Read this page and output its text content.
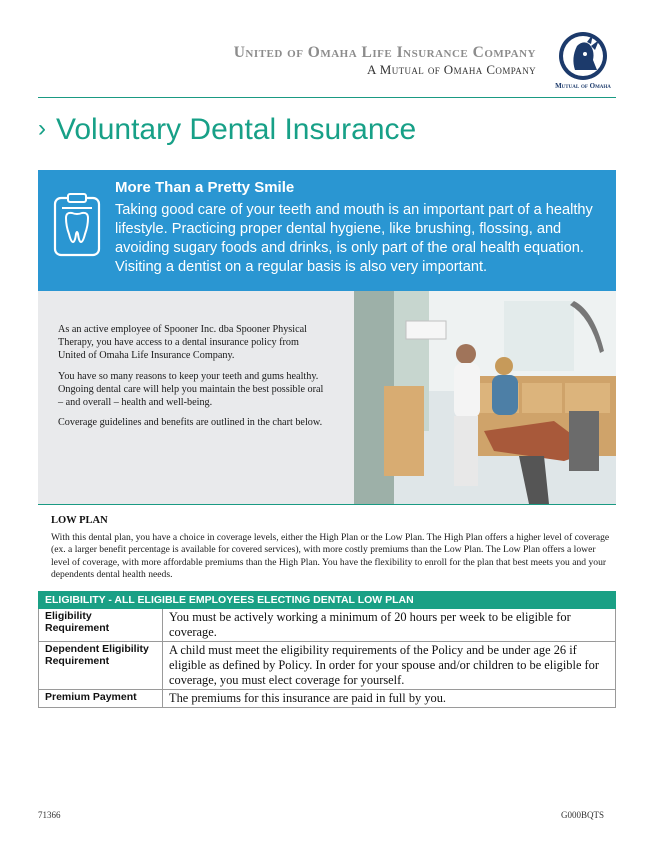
United of Omaha Life Insurance Company
A Mutual of Omaha Company
Mutual of Omaha
› Voluntary Dental Insurance
More Than a Pretty Smile
Taking good care of your teeth and mouth is an important part of a healthy lifestyle. Practicing proper dental hygiene, like brushing, flossing, and avoiding sugary foods and drinks, is only part of the oral health equation. Visiting a dentist on a regular basis is also very important.

As an active employee of Spooner Inc. dba Spooner Physical Therapy, you have access to a dental insurance policy from United of Omaha Life Insurance Company.

You have so many reasons to keep your teeth and gums healthy. Ongoing dental care will help you maintain the best possible oral – and overall – health and well-being.

Coverage guidelines and benefits are outlined in the chart below.

LOW PLAN
With this dental plan, you have a choice in coverage levels, either the High Plan or the Low Plan. The High Plan offers a higher level of coverage (ex. a larger benefit percentage is available for covered services), with more costly premiums than the Low Plan. The Low Plan offers a lower level of coverage, with more affordable premiums than the High Plan. You have the flexibility to enroll for the plan that best meets you and your dependents dental health needs.
ELIGIBILITY - ALL ELIGIBLE EMPLOYEES ELECTING DENTAL LOW PLAN	
Eligibility Requirement	You must be actively working a minimum of 20 hours per week to be eligible for coverage.
Dependent Eligibility Requirement	A child must meet the eligibility requirements of the Policy and be under age 26 if eligible as defined by Policy. In order for your spouse and/or children to be eligible for coverage, you must elect coverage for yourself.
Premium Payment	The premiums for this insurance are paid in full by you.
71366	G000BQTS
